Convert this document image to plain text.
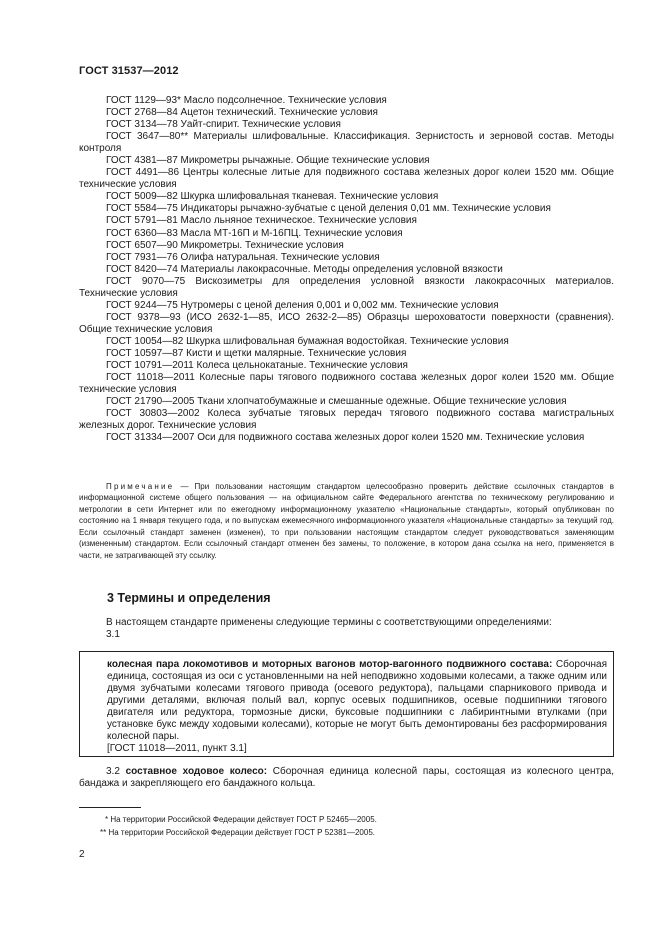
ГОСТ 31537—2012

ГОСТ 1129—93* Масло подсолнечное. Технические условия

ГОСТ 2768—84 Ацетон технический. Технические условия

ГОСТ 3134—78 Уайт-спирит. Технические условия

ГОСТ 3647—80** Материалы шлифовальные. Классификация. Зернистость и зерновой состав. Методы контроля

ГОСТ 4381—87 Микрометры рычажные. Общие технические условия

ГОСТ 4491—86 Центры колесные литые для подвижного состава железных дорог колеи 1520 мм. Общие технические условия

ГОСТ 5009—82 Шкурка шлифовальная тканевая. Технические условия

ГОСТ 5584—75 Индикаторы рычажно-зубчатые с ценой деления 0,01 мм. Технические условия

ГОСТ 5791—81 Масло льняное техническое. Технические условия

ГОСТ 6360—83 Масла МТ-16П и М-16ПЦ. Технические условия

ГОСТ 6507—90 Микрометры. Технические условия

ГОСТ 7931—76 Олифа натуральная. Технические условия

ГОСТ 8420—74 Материалы лакокрасочные. Методы определения условной вязкости

ГОСТ 9070—75 Вискозиметры для определения условной вязкости лакокрасочных материалов. Технические условия

ГОСТ 9244—75 Нутромеры с ценой деления 0,001 и 0,002 мм. Технические условия

ГОСТ 9378—93 (ИСО 2632-1—85, ИСО 2632-2—85) Образцы шероховатости поверхности (сравнения). Общие технические условия

ГОСТ 10054—82 Шкурка шлифовальная бумажная водостойкая. Технические условия

ГОСТ 10597—87 Кисти и щетки малярные. Технические условия

ГОСТ 10791—2011 Колеса цельнокатаные. Технические условия

ГОСТ 11018—2011 Колесные пары тягового подвижного состава железных дорог колеи 1520 мм. Общие технические условия

ГОСТ 21790—2005 Ткани хлопчатобумажные и смешанные одежные. Общие технические условия

ГОСТ 30803—2002 Колеса зубчатые тяговых передач тягового подвижного состава магистральных железных дорог. Технические условия

ГОСТ 31334—2007 Оси для подвижного состава железных дорог колеи 1520 мм. Технические условия

Примечание — При пользовании настоящим стандартом целесообразно проверить действие ссылочных стандартов в информационной системе общего пользования — на официальном сайте Федерального агентства по техническому регулированию и метрологии в сети Интернет или по ежегодному информационному указателю «Национальные стандарты», который опубликован по состоянию на 1 января текущего года, и по выпускам ежемесячного информационного указателя «Национальные стандарты» за текущий год. Если ссылочный стандарт заменен (изменен), то при пользовании настоящим стандартом следует руководствоваться заменяющим (измененным) стандартом. Если ссылочный стандарт отменен без замены, то положение, в котором дана ссылка на него, применяется в части, не затрагивающей эту ссылку.

3 Термины и определения

В настоящем стандарте применены следующие термины с соответствующими определениями:
3.1

колесная пара локомотивов и моторных вагонов мотор-вагонного подвижного состава: Сборочная единица, состоящая из оси с установленными на ней неподвижно ходовыми колесами, а также одним или двумя зубчатыми колесами тягового привода (осевого редуктора), пальцами спарникового привода и другими деталями, включая полый вал, корпус осевых подшипников, осевые подшипники тягового двигателя или редуктора, тормозные диски, буксовые подшипники с лабиринтными втулками (при установке букс между ходовыми колесами), которые не могут быть демонтированы без расформирования колесной пары.
[ГОСТ 11018—2011, пункт 3.1]

3.2 составное ходовое колесо: Сборочная единица колесной пары, состоящая из колесного центра, бандажа и закрепляющего его бандажного кольца.

* На территории Российской Федерации действует ГОСТ Р 52465—2005.
** На территории Российской Федерации действует ГОСТ Р 52381—2005.
2
